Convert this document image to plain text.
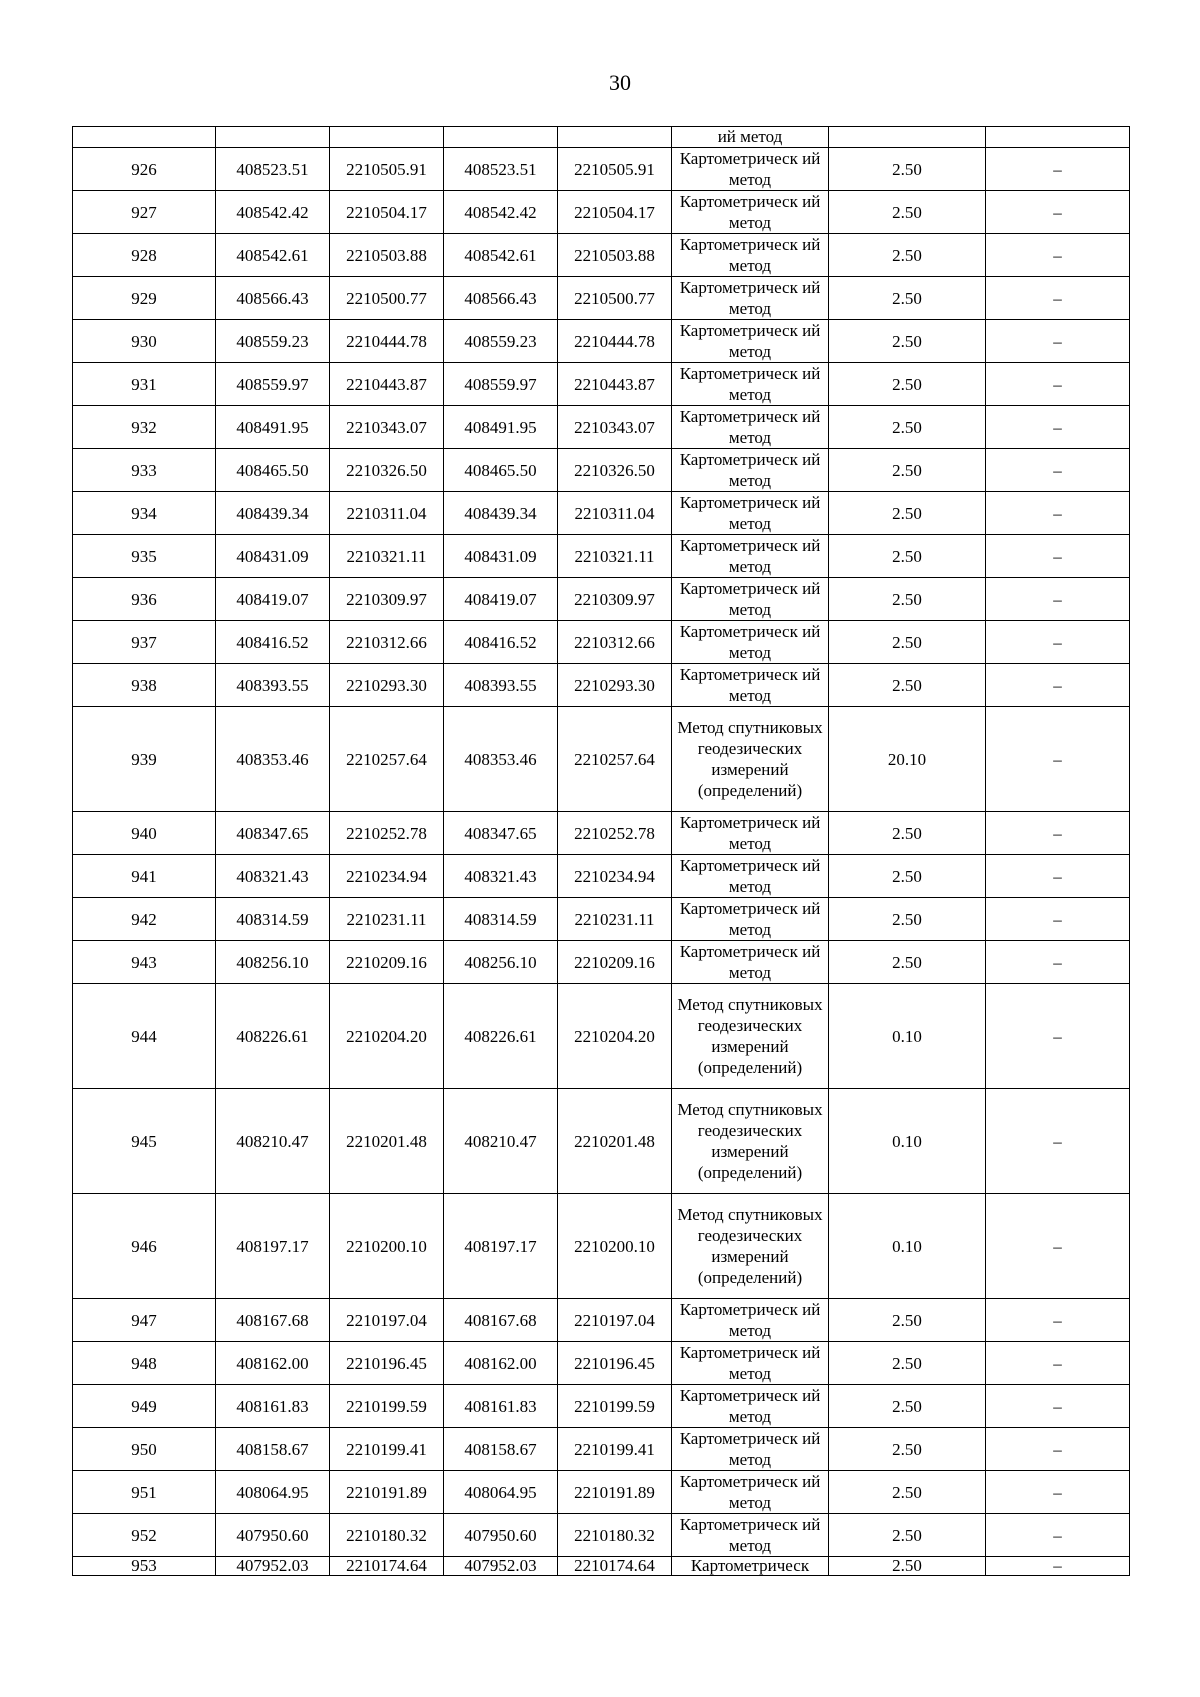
30
					ий метод		
926	408523.51	2210505.91	408523.51	2210505.91	Картометрическ ий метод	2.50	–
927	408542.42	2210504.17	408542.42	2210504.17	Картометрическ ий метод	2.50	–
928	408542.61	2210503.88	408542.61	2210503.88	Картометрическ ий метод	2.50	–
929	408566.43	2210500.77	408566.43	2210500.77	Картометрическ ий метод	2.50	–
930	408559.23	2210444.78	408559.23	2210444.78	Картометрическ ий метод	2.50	–
931	408559.97	2210443.87	408559.97	2210443.87	Картометрическ ий метод	2.50	–
932	408491.95	2210343.07	408491.95	2210343.07	Картометрическ ий метод	2.50	–
933	408465.50	2210326.50	408465.50	2210326.50	Картометрическ ий метод	2.50	–
934	408439.34	2210311.04	408439.34	2210311.04	Картометрическ ий метод	2.50	–
935	408431.09	2210321.11	408431.09	2210321.11	Картометрическ ий метод	2.50	–
936	408419.07	2210309.97	408419.07	2210309.97	Картометрическ ий метод	2.50	–
937	408416.52	2210312.66	408416.52	2210312.66	Картометрическ ий метод	2.50	–
938	408393.55	2210293.30	408393.55	2210293.30	Картометрическ ий метод	2.50	–
939	408353.46	2210257.64	408353.46	2210257.64	Метод спутниковых геодезических измерений (определений)	20.10	–
940	408347.65	2210252.78	408347.65	2210252.78	Картометрическ ий метод	2.50	–
941	408321.43	2210234.94	408321.43	2210234.94	Картометрическ ий метод	2.50	–
942	408314.59	2210231.11	408314.59	2210231.11	Картометрическ ий метод	2.50	–
943	408256.10	2210209.16	408256.10	2210209.16	Картометрическ ий метод	2.50	–
944	408226.61	2210204.20	408226.61	2210204.20	Метод спутниковых геодезических измерений (определений)	0.10	–
945	408210.47	2210201.48	408210.47	2210201.48	Метод спутниковых геодезических измерений (определений)	0.10	–
946	408197.17	2210200.10	408197.17	2210200.10	Метод спутниковых геодезических измерений (определений)	0.10	–
947	408167.68	2210197.04	408167.68	2210197.04	Картометрическ ий метод	2.50	–
948	408162.00	2210196.45	408162.00	2210196.45	Картометрическ ий метод	2.50	–
949	408161.83	2210199.59	408161.83	2210199.59	Картометрическ ий метод	2.50	–
950	408158.67	2210199.41	408158.67	2210199.41	Картометрическ ий метод	2.50	–
951	408064.95	2210191.89	408064.95	2210191.89	Картометрическ ий метод	2.50	–
952	407950.60	2210180.32	407950.60	2210180.32	Картометрическ ий метод	2.50	–
953	407952.03	2210174.64	407952.03	2210174.64	Картометрическ	2.50	–
